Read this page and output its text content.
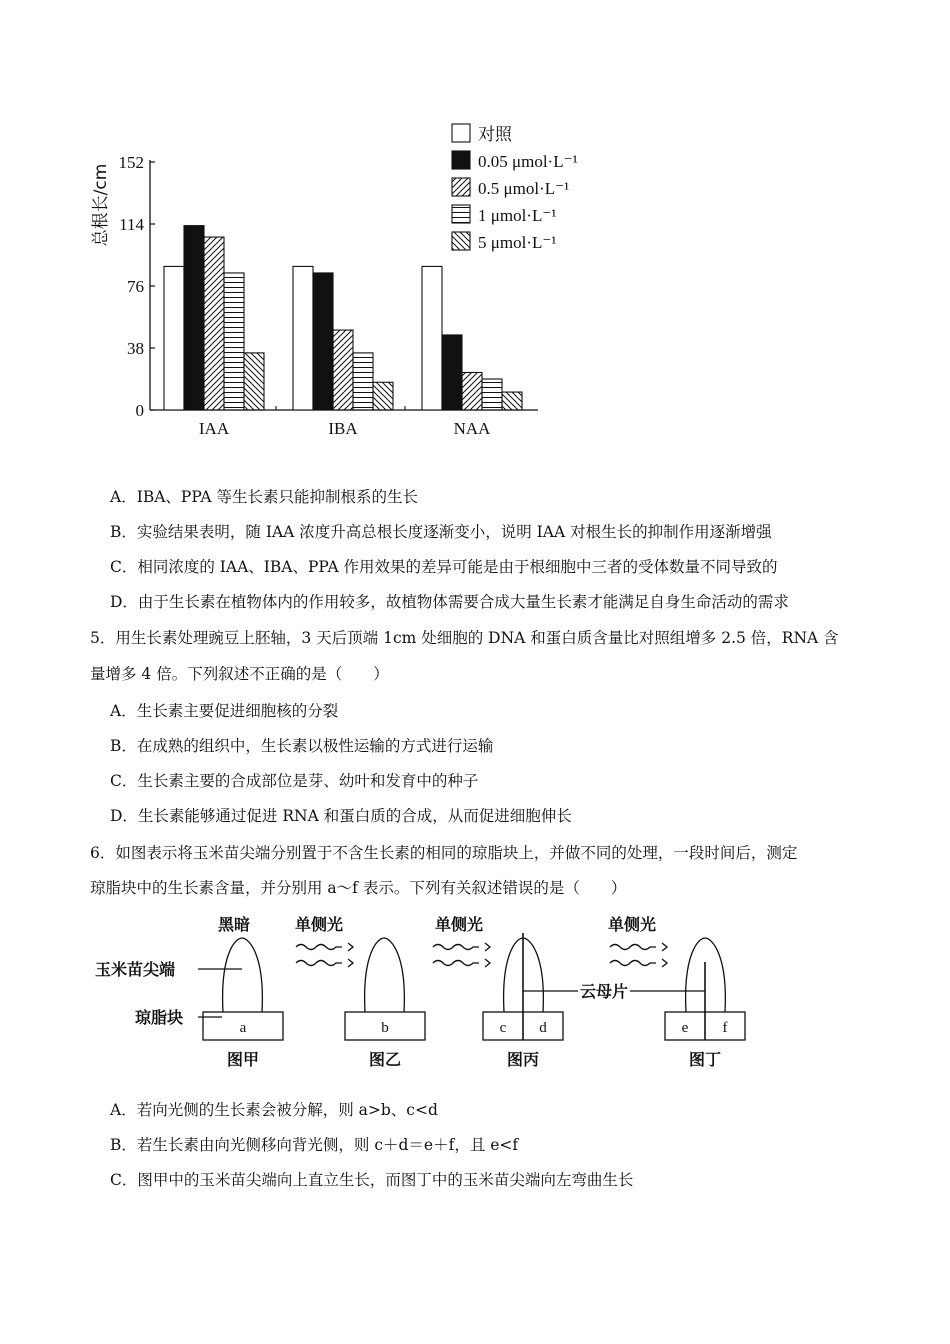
0
38
76
114
152
总根长/cm
IAA	IBA	NAA
对照
0.05 μmol·L⁻¹
0.5 μmol·L⁻¹
1 μmol·L⁻¹
5 μmol·L⁻¹
A．IBA、PPA 等生长素只能抑制根系的生长
B．实验结果表明，随 IAA 浓度升高总根长度逐渐变小，说明 IAA 对根生长的抑制作用逐渐增强
C．相同浓度的 IAA、IBA、PPA 作用效果的差异可能是由于根细胞中三者的受体数量不同导致的
D．由于生长素在植物体内的作用较多，故植物体需要合成大量生长素才能满足自身生命活动的需求
5．用生长素处理豌豆上胚轴，3 天后顶端 1cm 处细胞的 DNA 和蛋白质含量比对照组增多 2.5 倍，RNA 含
量增多 4 倍。下列叙述不正确的是（　　）
A．生长素主要促进细胞核的分裂
B．在成熟的组织中，生长素以极性运输的方式进行运输
C．生长素主要的合成部位是芽、幼叶和发育中的种子
D．生长素能够通过促进 RNA 和蛋白质的合成，从而促进细胞伸长
6．如图表示将玉米苗尖端分别置于不含生长素的相同的琼脂块上，并做不同的处理，一段时间后，测定
琼脂块中的生长素含量，并分别用 a～f 表示。下列有关叙述错误的是（　　）
玉米苗尖端
琼脂块
黑暗
a
图甲
单侧光
b
图乙
单侧光
c d
图丙
云母片
单侧光
e f
图丁
A．若向光侧的生长素会被分解，则 a>b、c<d
B．若生长素由向光侧移向背光侧，则 c＋d＝e＋f，且 e<f
C．图甲中的玉米苗尖端向上直立生长，而图丁中的玉米苗尖端向左弯曲生长
